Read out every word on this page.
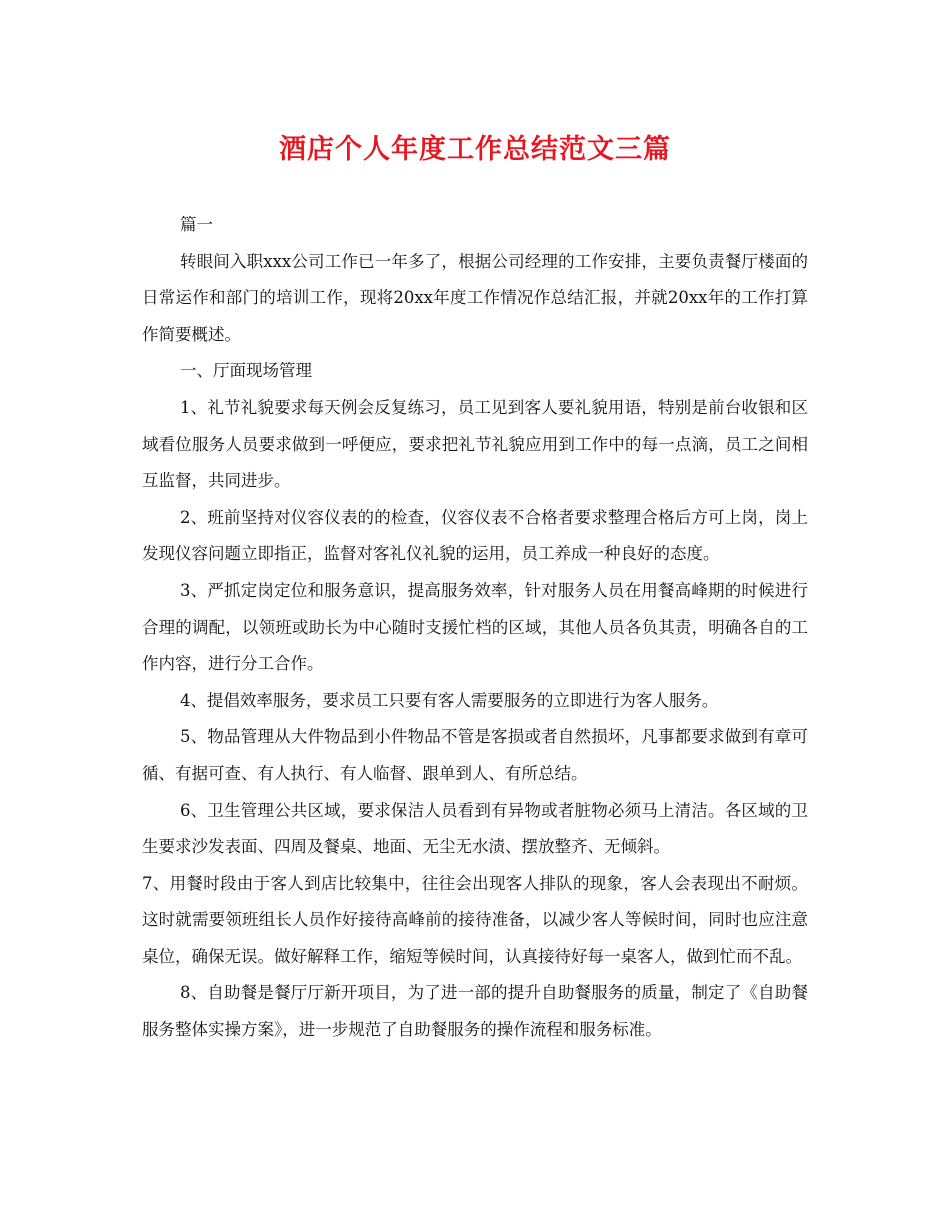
酒店个人年度工作总结范文三篇

篇一

转眼间入职xxx公司工作已一年多了，根据公司经理的工作安排，主要负责餐厅楼面的日常运作和部门的培训工作，现将20xx年度工作情况作总结汇报，并就20xx年的工作打算作简要概述。

一、厅面现场管理

1、礼节礼貌要求每天例会反复练习，员工见到客人要礼貌用语，特别是前台收银和区域看位服务人员要求做到一呼便应，要求把礼节礼貌应用到工作中的每一点滴，员工之间相互监督，共同进步。

2、班前坚持对仪容仪表的的检查，仪容仪表不合格者要求整理合格后方可上岗，岗上发现仪容问题立即指正，监督对客礼仪礼貌的运用，员工养成一种良好的态度。

3、严抓定岗定位和服务意识，提高服务效率，针对服务人员在用餐高峰期的时候进行合理的调配，以领班或助长为中心随时支援忙档的区域，其他人员各负其责，明确各自的工作内容，进行分工合作。

4、提倡效率服务，要求员工只要有客人需要服务的立即进行为客人服务。

5、物品管理从大件物品到小件物品不管是客损或者自然损坏，凡事都要求做到有章可循、有据可查、有人执行、有人临督、跟单到人、有所总结。

6、卫生管理公共区域，要求保洁人员看到有异物或者脏物必须马上清洁。各区域的卫生要求沙发表面、四周及餐桌、地面、无尘无水渍、摆放整齐、无倾斜。

7、用餐时段由于客人到店比较集中，往往会出现客人排队的现象，客人会表现出不耐烦。这时就需要领班组长人员作好接待高峰前的接待准备，以减少客人等候时间，同时也应注意桌位，确保无误。做好解释工作，缩短等候时间，认真接待好每一桌客人，做到忙而不乱。

8、自助餐是餐厅厅新开项目，为了进一部的提升自助餐服务的质量，制定了《自助餐服务整体实操方案》，进一步规范了自助餐服务的操作流程和服务标准。
